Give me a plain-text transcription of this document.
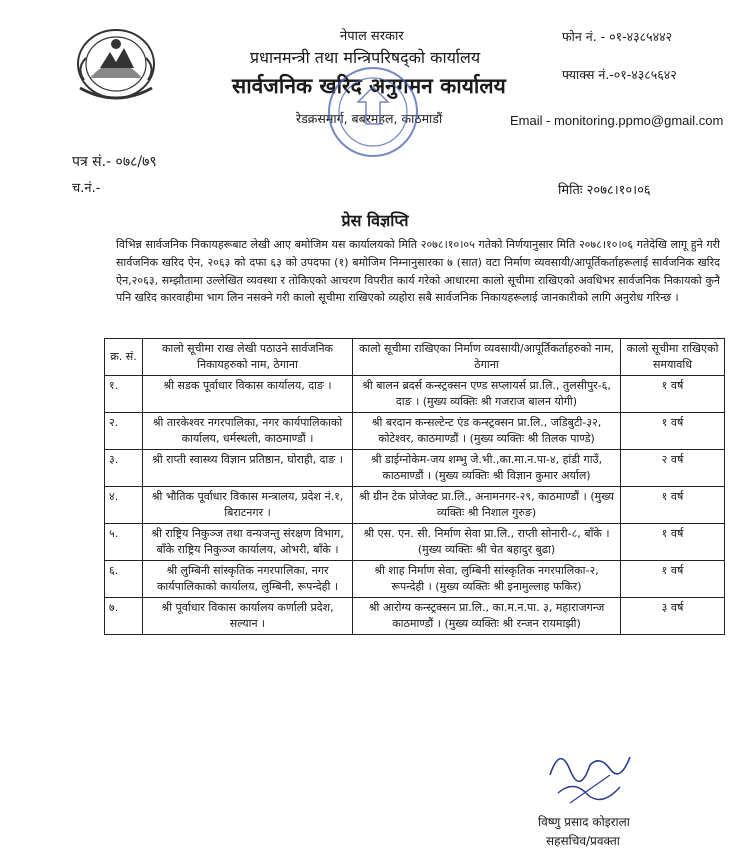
नेपाल सरकार
प्रधानमन्त्री तथा मन्त्रिपरिषद्को कार्यालय
सार्वजनिक खरिद अनुगमन कार्यालय
रेडक्रसमार्ग, बबरमहल, काठमाडौं
फोन नं. - ०१-४३८५४४२
फ्याक्स नं.-०१-४३८५६४२
Email - monitoring.ppmo@gmail.com
पत्र सं.- ०७८/७९
च.नं.-	मितिः २०७८।१०।०६
प्रेस विज्ञप्ति
विभिन्न सार्वजनिक निकायहरूबाट लेखी आए बमोजिम यस कार्यालयको मिति २०७८।१०।०५ गतेको निर्णयानुसार मिति २०७८।१०।०६ गतेदेखि लागू हुने गरी सार्वजनिक खरिद ऐन, २०६३ को दफा ६३ को उपदफा (१) बमोजिम निम्नानुसारका ७ (सात) वटा निर्माण व्यवसायी/आपूर्तिकर्ताहरूलाई सार्वजनिक खरिद ऐन,२०६३, सम्झौतामा उल्लेखित व्यवस्था र तोकिएको आचरण विपरीत कार्य गरेको आधारमा कालो सूचीमा राखिएको अवधिभर सार्वजनिक निकायको कुनै पनि खरिद कारवाहीमा भाग लिन नसक्ने गरी कालो सूचीमा राखिएको व्यहोरा सबै सार्वजनिक निकायहरूलाई जानकारीको लागि अनुरोध गरिन्छ ।
क्र. सं.	कालो सूचीमा राख लेखी पठाउने सार्वजनिक निकायहरुको नाम, ठेगाना	कालो सूचीमा राखिएका निर्माण व्यवसायी/आपूर्तिकर्ताहरुको नाम, ठेगाना	कालो सूचीमा राखिएको समयावधि
१.	श्री सडक पूर्वाधार विकास कार्यालय, दाङ ।	श्री बालन ब्रदर्स कन्स्ट्रक्सन एण्ड सप्लायर्स प्रा.लि., तुलसीपुर-६, दाङ । (मुख्य व्यक्तिः श्री गजराज बालन योगी)	१ वर्ष
२.	श्री तारकेश्वर नगरपालिका, नगर कार्यपालिकाको कार्यालय, धर्मस्थली, काठमाण्डौं ।	श्री बरदान कन्सल्टेन्ट एंड कन्स्ट्रक्सन प्रा.लि., जडिबुटी-३२, कोटेश्वर, काठमाण्डौं । (मुख्य व्यक्तिः श्री तिलक पाण्डे)	१ वर्ष
३.	श्री राप्ती स्वास्थ्य विज्ञान प्रतिष्ठान, घोराही, दाङ ।	श्री डाईग्नोकेम-जय शम्भु जे.भी.,का.मा.न.पा-४, हांडी गाउँ, काठमाण्डौं । (मुख्य व्यक्तिः श्री विज्ञान कुमार अर्याल)	२ वर्ष
४.	श्री भौतिक पूर्वाधार विकास मन्त्रालय, प्रदेश नं.१, बिराटनगर ।	श्री ग्रीन टेक प्रोजेक्ट प्रा.लि., अनामनगर-२९, काठमाण्डौं । (मुख्य व्यक्तिः श्री निशाल गुरुङ)	१ वर्ष
५.	श्री राष्ट्रिय निकुञ्ज तथा वन्यजन्तु संरक्षण विभाग, बाँके राष्ट्रिय निकुञ्ज कार्यालय, ओभरी, बाँके ।	श्री एस. एन. सी. निर्माण सेवा प्रा.लि., राप्ती सोनारी-८, बाँके । (मुख्य व्यक्तिः श्री चेत बहादुर बुढा)	१ वर्ष
६.	श्री लुम्बिनी सांस्कृतिक नगरपालिका, नगर कार्यपालिकाको कार्यालय, लुम्बिनी, रूपन्देही ।	श्री शाह निर्माण सेवा, लुम्बिनी सांस्कृतिक नगरपालिका-२, रूपन्देही । (मुख्य व्यक्तिः श्री इनामुल्लाह फकिर)	१ वर्ष
७.	श्री पूर्वाधार विकास कार्यालय कर्णाली प्रदेश, सल्यान ।	श्री आरोग्य कन्स्ट्रक्सन प्रा.लि., का.म.न.पा. ३, महाराजगन्ज काठमाण्डौं । (मुख्य व्यक्तिः श्री रन्जन रायमाझी)	३ वर्ष
विष्णु प्रसाद कोइराला
सहसचिव/प्रवक्ता
